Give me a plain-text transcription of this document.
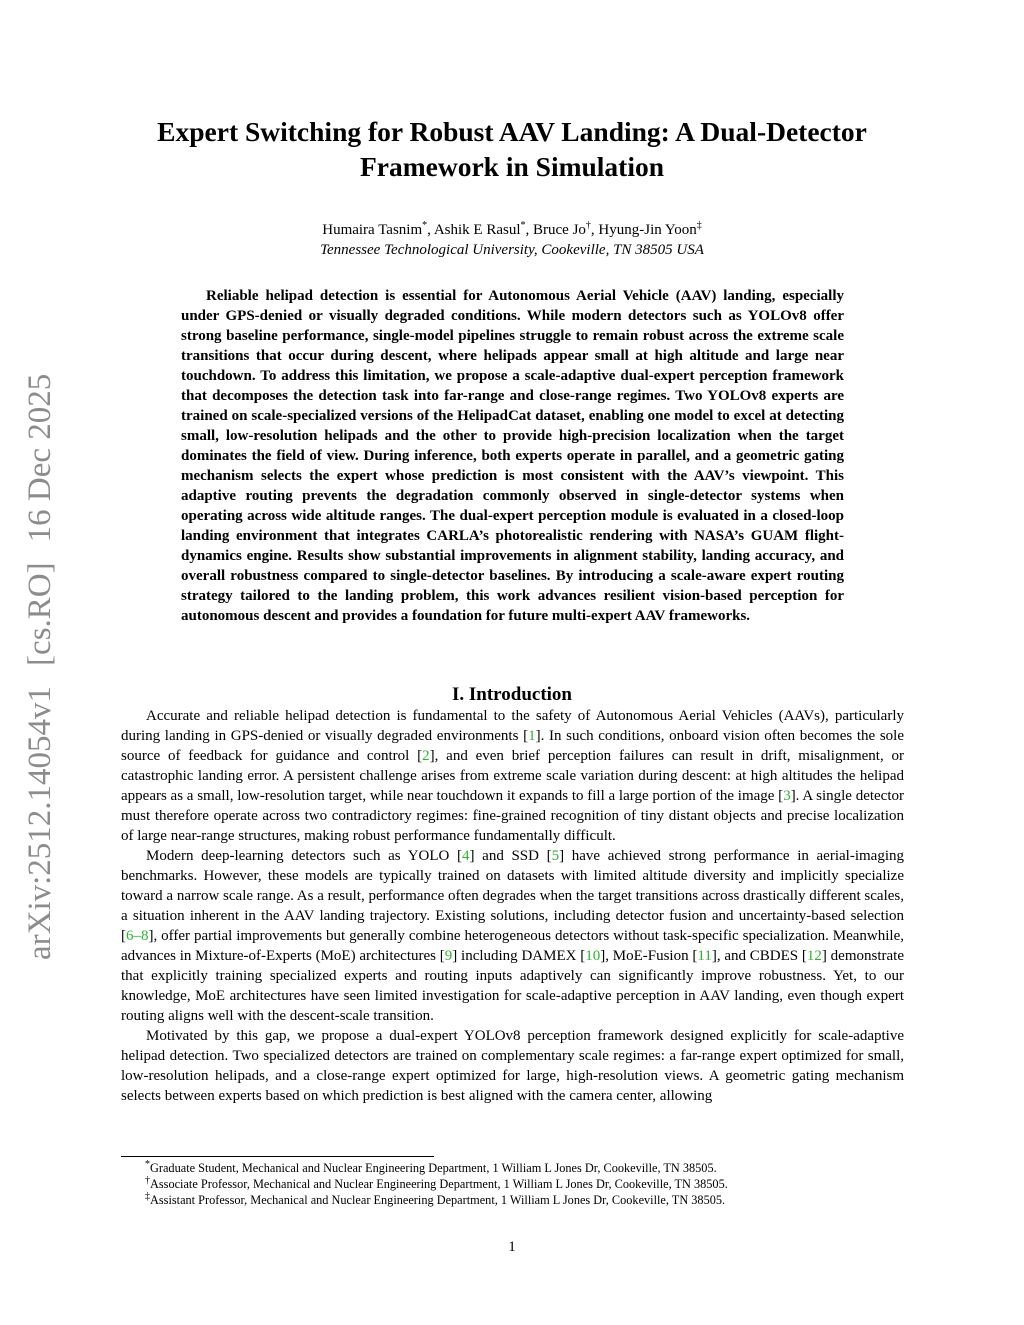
arXiv:2512.14054v1
[cs.RO]
16 Dec 2025
Expert Switching for Robust AAV Landing: A Dual-Detector
Framework in Simulation
Humaira Tasnim*, Ashik E Rasul*, Bruce Jo†, Hyung-Jin Yoon‡
Tennessee Technological University, Cookeville, TN 38505 USA

Reliable helipad detection is essential for Autonomous Aerial Vehicle (AAV) landing, especially under GPS-denied or visually degraded conditions. While modern detectors such as YOLOv8 offer strong baseline performance, single-model pipelines struggle to remain robust across the extreme scale transitions that occur during descent, where helipads appear small at high altitude and large near touchdown. To address this limitation, we propose a scale-adaptive dual-expert perception framework that decomposes the detection task into far-range and close-range regimes. Two YOLOv8 experts are trained on scale-specialized versions of the HelipadCat dataset, enabling one model to excel at detecting small, low-resolution helipads and the other to provide high-precision localization when the target dominates the field of view. During inference, both experts operate in parallel, and a geometric gating mechanism selects the expert whose prediction is most consistent with the AAV’s viewpoint. This adaptive routing prevents the degradation commonly observed in single-detector systems when operating across wide altitude ranges. The dual-expert perception module is evaluated in a closed-loop landing environment that integrates CARLA’s photorealistic rendering with NASA’s GUAM flight-dynamics engine. Results show substantial improvements in alignment stability, landing accuracy, and overall robustness compared to single-detector baselines. By introducing a scale-aware expert routing strategy tailored to the landing problem, this work advances resilient vision-based perception for autonomous descent and provides a foundation for future multi-expert AAV frameworks.

I. Introduction

Accurate and reliable helipad detection is fundamental to the safety of Autonomous Aerial Vehicles (AAVs), particularly during landing in GPS-denied or visually degraded environments [1]. In such conditions, onboard vision often becomes the sole source of feedback for guidance and control [2], and even brief perception failures can result in drift, misalignment, or catastrophic landing error. A persistent challenge arises from extreme scale variation during descent: at high altitudes the helipad appears as a small, low-resolution target, while near touchdown it expands to fill a large portion of the image [3]. A single detector must therefore operate across two contradictory regimes: fine-grained recognition of tiny distant objects and precise localization of large near-range structures, making robust performance fundamentally difficult.

Modern deep-learning detectors such as YOLO [4] and SSD [5] have achieved strong performance in aerial-imaging benchmarks. However, these models are typically trained on datasets with limited altitude diversity and implicitly specialize toward a narrow scale range. As a result, performance often degrades when the target transitions across drastically different scales, a situation inherent in the AAV landing trajectory. Existing solutions, including detector fusion and uncertainty-based selection [6–8], offer partial improvements but generally combine heterogeneous detectors without task-specific specialization. Meanwhile, advances in Mixture-of-Experts (MoE) architectures [9] including DAMEX [10], MoE-Fusion [11], and CBDES [12] demonstrate that explicitly training specialized experts and routing inputs adaptively can significantly improve robustness. Yet, to our knowledge, MoE architectures have seen limited investigation for scale-adaptive perception in AAV landing, even though expert routing aligns well with the descent-scale transition.

Motivated by this gap, we propose a dual-expert YOLOv8 perception framework designed explicitly for scale-adaptive helipad detection. Two specialized detectors are trained on complementary scale regimes: a far-range expert optimized for small, low-resolution helipads, and a close-range expert optimized for large, high-resolution views. A geometric gating mechanism selects between experts based on which prediction is best aligned with the camera center, allowing

*Graduate Student, Mechanical and Nuclear Engineering Department, 1 William L Jones Dr, Cookeville, TN 38505.
†Associate Professor, Mechanical and Nuclear Engineering Department, 1 William L Jones Dr, Cookeville, TN 38505.
‡Assistant Professor, Mechanical and Nuclear Engineering Department, 1 William L Jones Dr, Cookeville, TN 38505.
1
